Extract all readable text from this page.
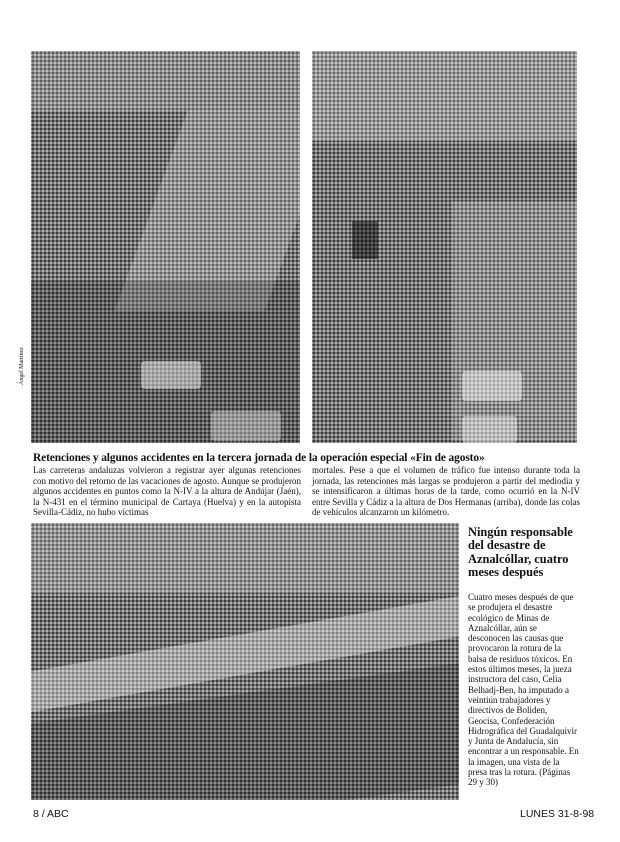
Ángel Martínez
Retenciones y algunos accidentes en la tercera jornada de la operación especial «Fin de agosto»
Las carreteras andaluzas volvieron a registrar ayer algunas retenciones con motivo del retorno de las vacaciones de agosto. Aunque se produjeron algunos accidentes en puntos como la N-IV a la altura de Andújar (Jaén), la N-431 en el término municipal de Cartaya (Huelva) y en la autopista Sevilla-Cádiz, no hubo víctimas
mortales. Pese a que el volumen de tráfico fue intenso durante toda la jornada, las retenciones más largas se produjeron a partir del mediodía y se intensificaron a últimas horas de la tarde, como ocurrió en la N-IV entre Sevilla y Cádiz a la altura de Dos Hermanas (arriba), donde las colas de vehículos alcanzaron un kilómetro.
Ningún responsable del desastre de Aznalcóllar, cuatro meses después
Cuatro meses después de que se produjera el desastre ecológico de Minas de Aznalcóllar, aún se desconocen las causas que provocaron la rotura de la balsa de residuos tóxicos. En estos últimos meses, la jueza instructora del caso, Celia Belhadj-Ben, ha imputado a veintiún trabajadores y directivos de Boliden, Geocisa, Confederación Hidrográfica del Guadalquivir y Junta de Andalucía, sin encontrar a un responsable. En la imagen, una vista de la presa tras la rotura. (Páginas 29 y 30)
8 / ABC	LUNES 31-8-98
